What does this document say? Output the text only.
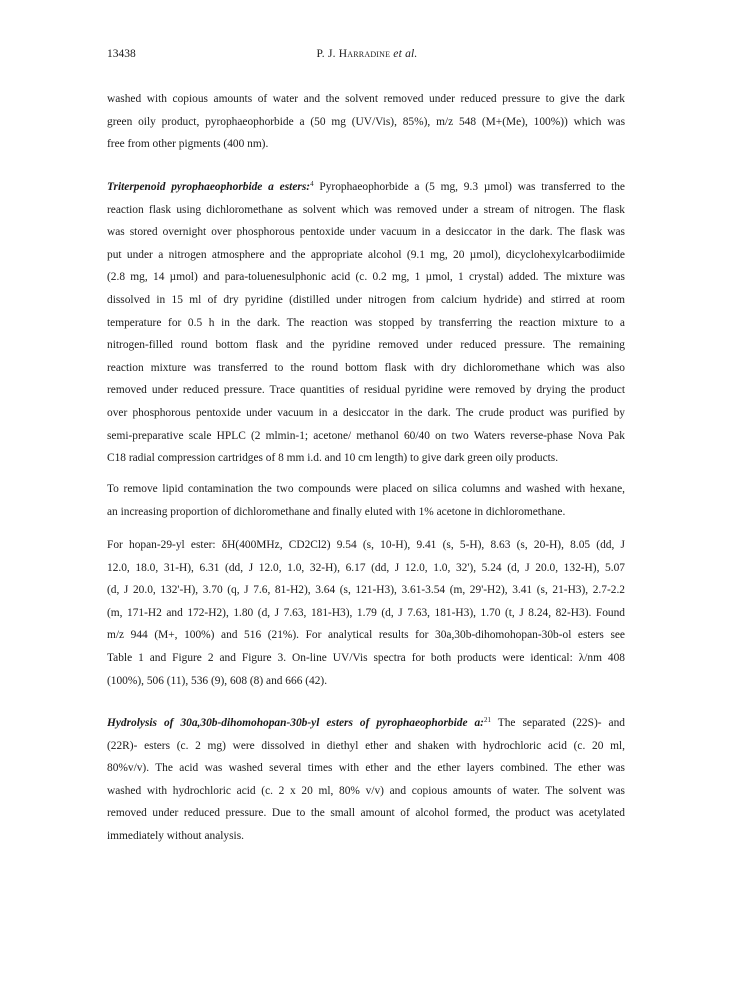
13438	P. J. Harradine et al.

washed with copious amounts of water and the solvent removed under reduced pressure to give the dark
green oily product, pyrophaeophorbide a (50 mg (UV/Vis), 85%), m/z 548 (M+(Me), 100%)) which was
free from other pigments (400 nm).

Triterpenoid pyrophaeophorbide a esters:$^4$ Pyrophaeophorbide a (5 mg, 9.3 µmol) was transferred to the
reaction flask using dichloromethane as solvent which was removed under a stream of nitrogen. The flask
was stored overnight over phosphorous pentoxide under vacuum in a desiccator in the dark. The flask was
put under a nitrogen atmosphere and the appropriate alcohol (9.1 mg, 20 µmol), dicyclohexylcarbodiimide
(2.8 mg, 14 µmol) and para-toluenesulphonic acid (c. 0.2 mg, 1 µmol, 1 crystal) added. The mixture was
dissolved in 15 ml of dry pyridine (distilled under nitrogen from calcium hydride) and stirred at room
temperature for 0.5 h in the dark. The reaction was stopped by transferring the reaction mixture to a
nitrogen-filled round bottom flask and the pyridine removed under reduced pressure. The remaining
reaction mixture was transferred to the round bottom flask with dry dichloromethane which was also
removed under reduced pressure. Trace quantities of residual pyridine were removed by drying the product
over phosphorous pentoxide under vacuum in a desiccator in the dark. The crude product was purified by
semi-preparative scale HPLC (2 mlmin-1; acetone/ methanol 60/40 on two Waters reverse-phase Nova Pak
C18 radial compression cartridges of 8 mm i.d. and 10 cm length) to give dark green oily products.

To remove lipid contamination the two compounds were placed on silica columns and washed with hexane,
an increasing proportion of dichloromethane and finally eluted with 1% acetone in dichloromethane.

For hopan-29-yl ester: δH(400MHz, CD2Cl2) 9.54 (s, 10-H), 9.41 (s, 5-H), 8.63 (s, 20-H), 8.05 (dd, J
12.0, 18.0, 31-H), 6.31 (dd, J 12.0, 1.0, 32-H), 6.17 (dd, J 12.0, 1.0, 32'), 5.24 (d, J 20.0, 132-H), 5.07
(d, J 20.0, 132'-H), 3.70 (q, J 7.6, 81-H2), 3.64 (s, 121-H3), 3.61-3.54 (m, 29'-H2), 3.41 (s, 21-H3), 2.7-2.2
(m, 171-H2 and 172-H2), 1.80 (d, J 7.63, 181-H3), 1.79 (d, J 7.63, 181-H3), 1.70 (t, J 8.24, 82-H3). Found
m/z 944 (M+, 100%) and 516 (21%). For analytical results for 30a,30b-dihomohopan-30b-ol esters see
Table 1 and Figure 2 and Figure 3. On-line UV/Vis spectra for both products were identical: λ/nm 408
(100%), 506 (11), 536 (9), 608 (8) and 666 (42).

Hydrolysis of 30a,30b-dihomohopan-30b-yl esters of pyrophaeophorbide a:$^{21}$ The separated (22S)- and
(22R)- esters (c. 2 mg) were dissolved in diethyl ether and shaken with hydrochloric acid (c. 20 ml,
80%v/v). The acid was washed several times with ether and the ether layers combined. The ether was
washed with hydrochloric acid (c. 2 x 20 ml, 80% v/v) and copious amounts of water. The solvent was
removed under reduced pressure. Due to the small amount of alcohol formed, the product was acetylated
immediately without analysis.
